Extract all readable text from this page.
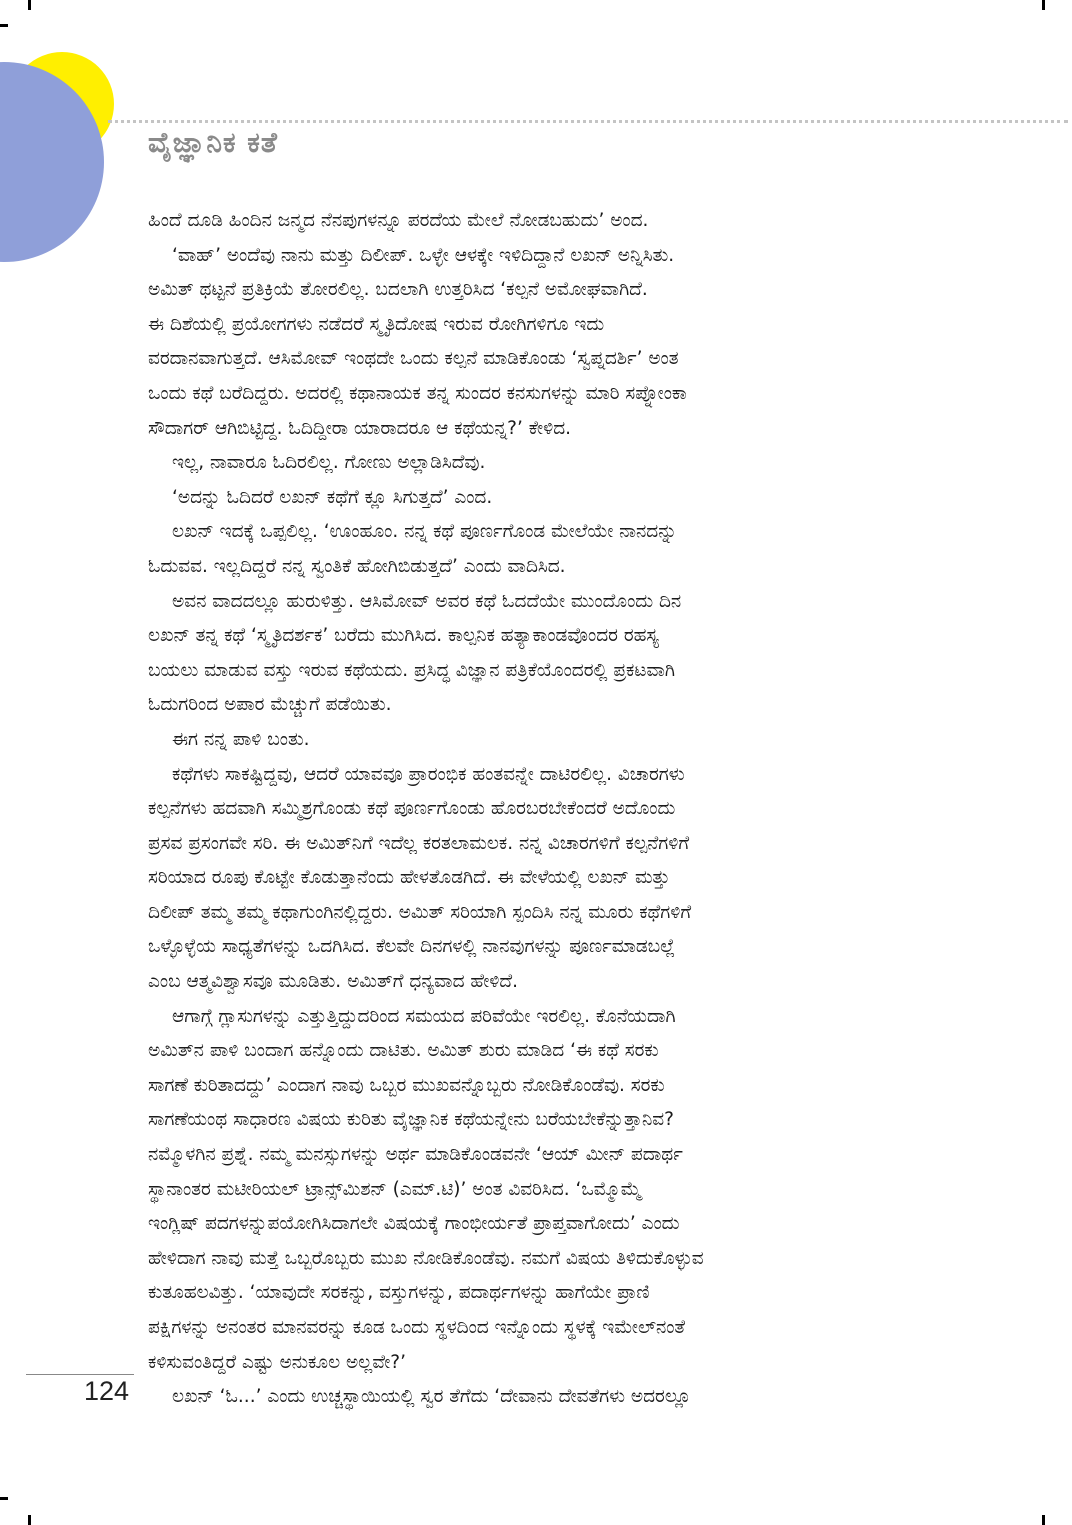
ವೈಜ್ಞಾನಿಕ ಕತೆ

ಹಿಂದೆ ದೂಡಿ ಹಿಂದಿನ ಜನ್ಮದ ನೆನಪುಗಳನ್ನೂ ಪರದೆಯ ಮೇಲೆ ನೋಡಬಹುದು’ ಅಂದ.

‘ವಾಹ್’ ಅಂದೆವು ನಾನು ಮತ್ತು ದಿಲೀಪ್. ಒಳ್ಳೇ ಆಳಕ್ಕೇ ಇಳಿದಿದ್ದಾನೆ ಲಖನ್ ಅನ್ನಿಸಿತು.
ಅಮಿತ್ ಥಟ್ಟನೆ ಪ್ರತಿಕ್ರಿಯೆ ತೋರಲಿಲ್ಲ. ಬದಲಾಗಿ ಉತ್ತರಿಸಿದ ‘ಕಲ್ಪನೆ ಅಮೋಘವಾಗಿದೆ.
ಈ ದಿಶೆಯಲ್ಲಿ ಪ್ರಯೋಗಗಳು ನಡೆದರೆ ಸ್ಮೃತಿದೋಷ ಇರುವ ರೋಗಿಗಳಿಗೂ ಇದು
ವರದಾನವಾಗುತ್ತದೆ. ಆಸಿಮೋವ್ ಇಂಥದೇ ಒಂದು ಕಲ್ಪನೆ ಮಾಡಿಕೊಂಡು ‘ಸ್ವಪ್ನದರ್ಶಿ’ ಅಂತ
ಒಂದು ಕಥೆ ಬರೆದಿದ್ದರು. ಅದರಲ್ಲಿ ಕಥಾನಾಯಕ ತನ್ನ ಸುಂದರ ಕನಸುಗಳನ್ನು ಮಾರಿ ಸಪ್ನೋಂಕಾ
ಸೌದಾಗರ್ ಆಗಿಬಿಟ್ಟಿದ್ದ. ಓದಿದ್ದೀರಾ ಯಾರಾದರೂ ಆ ಕಥೆಯನ್ನ?’ ಕೇಳಿದ.

ಇಲ್ಲ, ನಾವಾರೂ ಓದಿರಲಿಲ್ಲ. ಗೋಣು ಅಲ್ಲಾಡಿಸಿದೆವು.

‘ಅದನ್ನು ಓದಿದರೆ ಲಖನ್ ಕಥೆಗೆ ಕ್ಲೂ ಸಿಗುತ್ತದೆ’ ಎಂದ.

ಲಖನ್ ಇದಕ್ಕೆ ಒಪ್ಪಲಿಲ್ಲ. ‘ಊಂಹೂಂ. ನನ್ನ ಕಥೆ ಪೂರ್ಣಗೊಂಡ ಮೇಲೆಯೇ ನಾನದನ್ನು
ಓದುವವ. ಇಲ್ಲದಿದ್ದರೆ ನನ್ನ ಸ್ವಂತಿಕೆ ಹೋಗಿಬಿಡುತ್ತದೆ’ ಎಂದು ವಾದಿಸಿದ.

ಅವನ ವಾದದಲ್ಲೂ ಹುರುಳಿತ್ತು. ಆಸಿಮೋವ್ ಅವರ ಕಥೆ ಓದದೆಯೇ ಮುಂದೊಂದು ದಿನ
ಲಖನ್ ತನ್ನ ಕಥೆ ‘ಸ್ಮೃತಿದರ್ಶಕ’ ಬರೆದು ಮುಗಿಸಿದ. ಕಾಲ್ಪನಿಕ ಹತ್ಯಾಕಾಂಡವೊಂದರ ರಹಸ್ಯ
ಬಯಲು ಮಾಡುವ ವಸ್ತು ಇರುವ ಕಥೆಯದು. ಪ್ರಸಿದ್ಧ ವಿಜ್ಞಾನ ಪತ್ರಿಕೆಯೊಂದರಲ್ಲಿ ಪ್ರಕಟವಾಗಿ
ಓದುಗರಿಂದ ಅಪಾರ ಮೆಚ್ಚುಗೆ ಪಡೆಯಿತು.

ಈಗ ನನ್ನ ಪಾಳಿ ಬಂತು.

ಕಥೆಗಳು ಸಾಕಷ್ಟಿದ್ದವು, ಆದರೆ ಯಾವವೂ ಪ್ರಾರಂಭಿಕ ಹಂತವನ್ನೇ ದಾಟಿರಲಿಲ್ಲ. ವಿಚಾರಗಳು
ಕಲ್ಪನೆಗಳು ಹದವಾಗಿ ಸಮ್ಮಿಶ್ರಗೊಂಡು ಕಥೆ ಪೂರ್ಣಗೊಂಡು ಹೊರಬರಬೇಕೆಂದರೆ ಅದೊಂದು
ಪ್ರಸವ ಪ್ರಸಂಗವೇ ಸರಿ. ಈ ಅಮಿತ್‌ನಿಗೆ ಇದೆಲ್ಲ ಕರತಲಾಮಲಕ. ನನ್ನ ವಿಚಾರಗಳಿಗೆ ಕಲ್ಪನೆಗಳಿಗೆ
ಸರಿಯಾದ ರೂಪು ಕೊಟ್ಟೇ ಕೊಡುತ್ತಾನೆಂದು ಹೇಳತೊಡಗಿದೆ. ಈ ವೇಳೆಯಲ್ಲಿ ಲಖನ್ ಮತ್ತು
ದಿಲೀಪ್ ತಮ್ಮ ತಮ್ಮ ಕಥಾಗುಂಗಿನಲ್ಲಿದ್ದರು. ಅಮಿತ್ ಸರಿಯಾಗಿ ಸ್ಪಂದಿಸಿ ನನ್ನ ಮೂರು ಕಥೆಗಳಿಗೆ
ಒಳ್ಳೊಳ್ಳೆಯ ಸಾಧ್ಯತೆಗಳನ್ನು ಒದಗಿಸಿದ. ಕೆಲವೇ ದಿನಗಳಲ್ಲಿ ನಾನವುಗಳನ್ನು ಪೂರ್ಣಮಾಡಬಲ್ಲೆ
ಎಂಬ ಆತ್ಮವಿಶ್ವಾಸವೂ ಮೂಡಿತು. ಅಮಿತ್‌ಗೆ ಧನ್ಯವಾದ ಹೇಳಿದೆ.

ಆಗಾಗ್ಗೆ ಗ್ಲಾಸುಗಳನ್ನು ಎತ್ತುತ್ತಿದ್ದುದರಿಂದ ಸಮಯದ ಪರಿವೆಯೇ ಇರಲಿಲ್ಲ. ಕೊನೆಯದಾಗಿ
ಅಮಿತ್‌ನ ಪಾಳಿ ಬಂದಾಗ ಹನ್ನೊಂದು ದಾಟಿತು. ಅಮಿತ್ ಶುರು ಮಾಡಿದ ‘ಈ ಕಥೆ ಸರಕು
ಸಾಗಣೆ ಕುರಿತಾದದ್ದು’ ಎಂದಾಗ ನಾವು ಒಬ್ಬರ ಮುಖವನ್ನೊಬ್ಬರು ನೋಡಿಕೊಂಡೆವು. ಸರಕು
ಸಾಗಣೆಯಂಥ ಸಾಧಾರಣ ವಿಷಯ ಕುರಿತು ವೈಜ್ಞಾನಿಕ ಕಥೆಯನ್ನೇನು ಬರೆಯಬೇಕೆನ್ನುತ್ತಾನಿವ?
ನಮ್ಮೊಳಗಿನ ಪ್ರಶ್ನೆ. ನಮ್ಮ ಮನಸ್ಸುಗಳನ್ನು ಅರ್ಥ ಮಾಡಿಕೊಂಡವನೇ ‘ಆಯ್ ಮೀನ್ ಪದಾರ್ಥ
ಸ್ಥಾನಾಂತರ ಮಟೀರಿಯಲ್ ಟ್ರಾನ್ಸ್‌ಮಿಶನ್ (ಎಮ್.ಟಿ)’ ಅಂತ ವಿವರಿಸಿದ. ‘ಒಮ್ಮೊಮ್ಮೆ
ಇಂಗ್ಲಿಷ್ ಪದಗಳನ್ನುಪಯೋಗಿಸಿದಾಗಲೇ ವಿಷಯಕ್ಕೆ ಗಾಂಭೀರ್ಯತೆ ಪ್ರಾಪ್ತವಾಗೋದು’ ಎಂದು
ಹೇಳಿದಾಗ ನಾವು ಮತ್ತೆ ಒಬ್ಬರೊಬ್ಬರು ಮುಖ ನೋಡಿಕೊಂಡೆವು. ನಮಗೆ ವಿಷಯ ತಿಳಿದುಕೊಳ್ಳುವ
ಕುತೂಹಲವಿತ್ತು. ‘ಯಾವುದೇ ಸರಕನ್ನು, ವಸ್ತುಗಳನ್ನು, ಪದಾರ್ಥಗಳನ್ನು ಹಾಗೆಯೇ ಪ್ರಾಣಿ
ಪಕ್ಷಿಗಳನ್ನು ಅನಂತರ ಮಾನವರನ್ನು ಕೂಡ ಒಂದು ಸ್ಥಳದಿಂದ ಇನ್ನೊಂದು ಸ್ಥಳಕ್ಕೆ ಇಮೇಲ್‌ನಂತೆ
ಕಳಿಸುವಂತಿದ್ದರೆ ಎಷ್ಟು ಅನುಕೂಲ ಅಲ್ಲವೇ?’

ಲಖನ್ ‘ಓ...’ ಎಂದು ಉಚ್ಚಸ್ಥಾಯಿಯಲ್ಲಿ ಸ್ವರ ತೆಗೆದು ‘ದೇವಾನು ದೇವತೆಗಳು ಅದರಲ್ಲೂ

124
